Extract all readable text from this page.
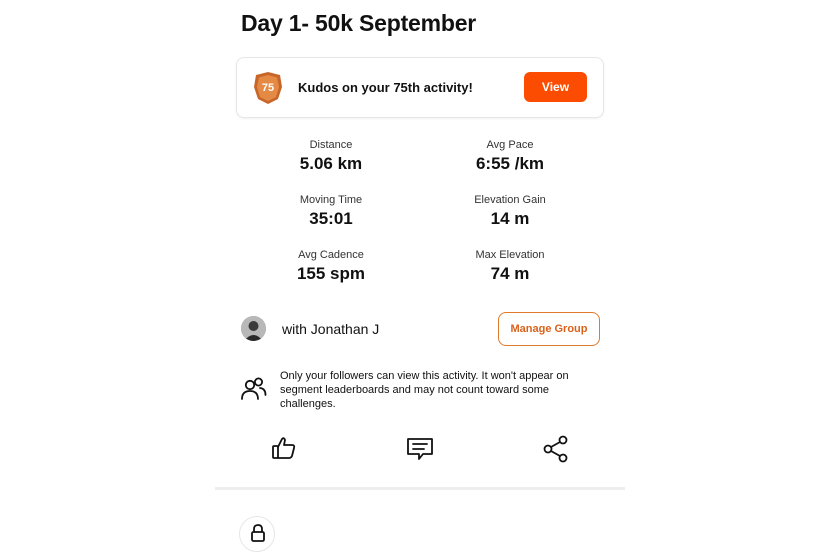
Day 1- 50k September
75 Kudos on your 75th activity!	View
Distance
5.06 km
Avg Pace
6:55 /km
Moving Time
35:01
Elevation Gain
14 m
Avg Cadence
155 spm
Max Elevation
74 m
with Jonathan J	Manage Group
Only your followers can view this activity. It won't appear on segment leaderboards and may not count toward some challenges.
